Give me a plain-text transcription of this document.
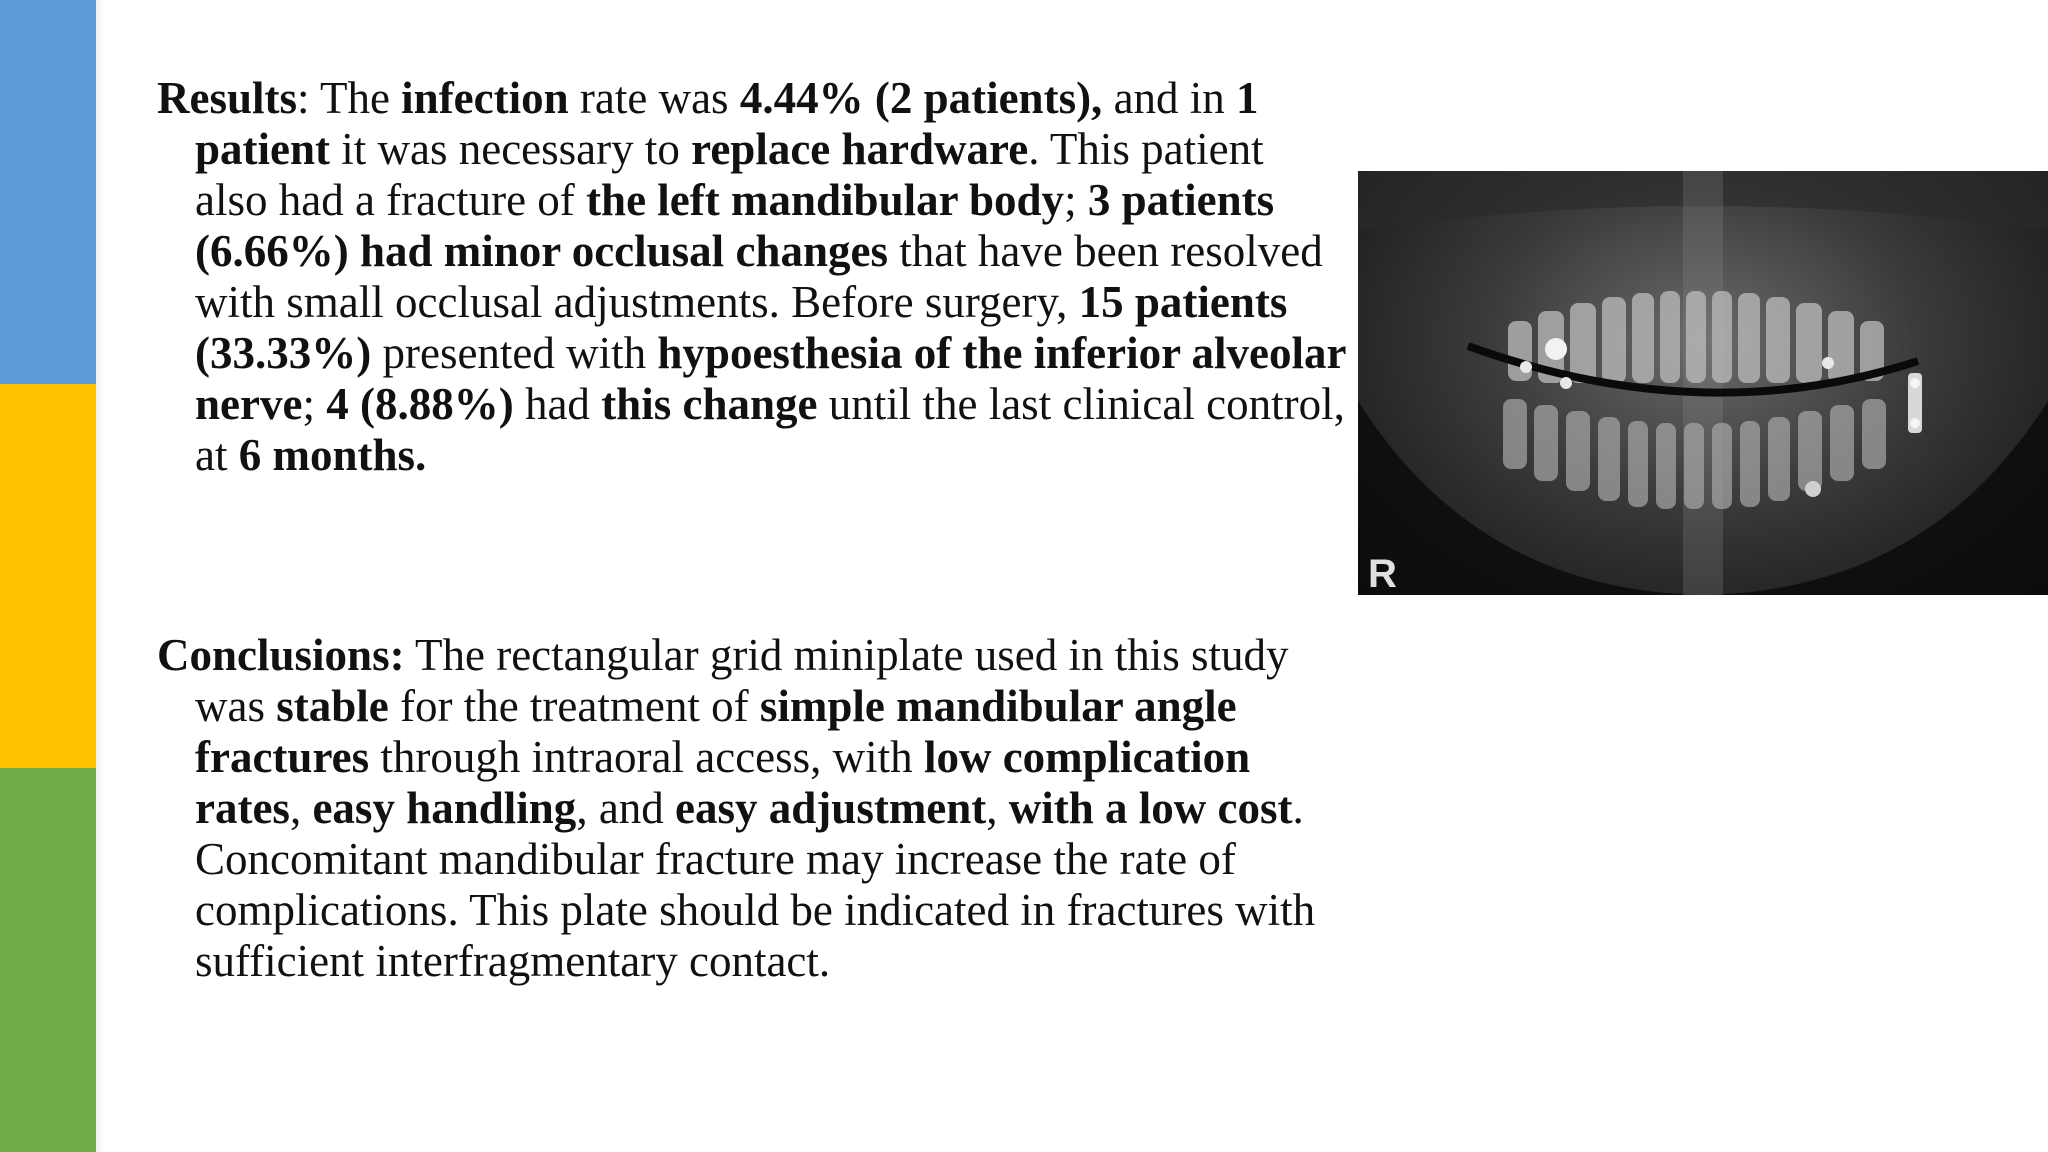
Results: The infection rate was 4.44% (2 patients), and in 1 patient it was necessary to replace hardware. This patient also had a fracture of the left mandibular body; 3 patients (6.66%) had minor occlusal changes that have been resolved with small occlusal adjustments. Before surgery, 15 patients (33.33%) presented with hypoesthesia of the inferior alveolar nerve; 4 (8.88%) had this change until the last clinical control, at 6 months.

R

Conclusions: The rectangular grid miniplate used in this study was stable for the treatment of simple mandibular angle fractures through intraoral access, with low complication rates, easy handling, and easy adjustment, with a low cost. Concomitant mandibular fracture may increase the rate of complications. This plate should be indicated in fractures with sufficient interfragmentary contact.
